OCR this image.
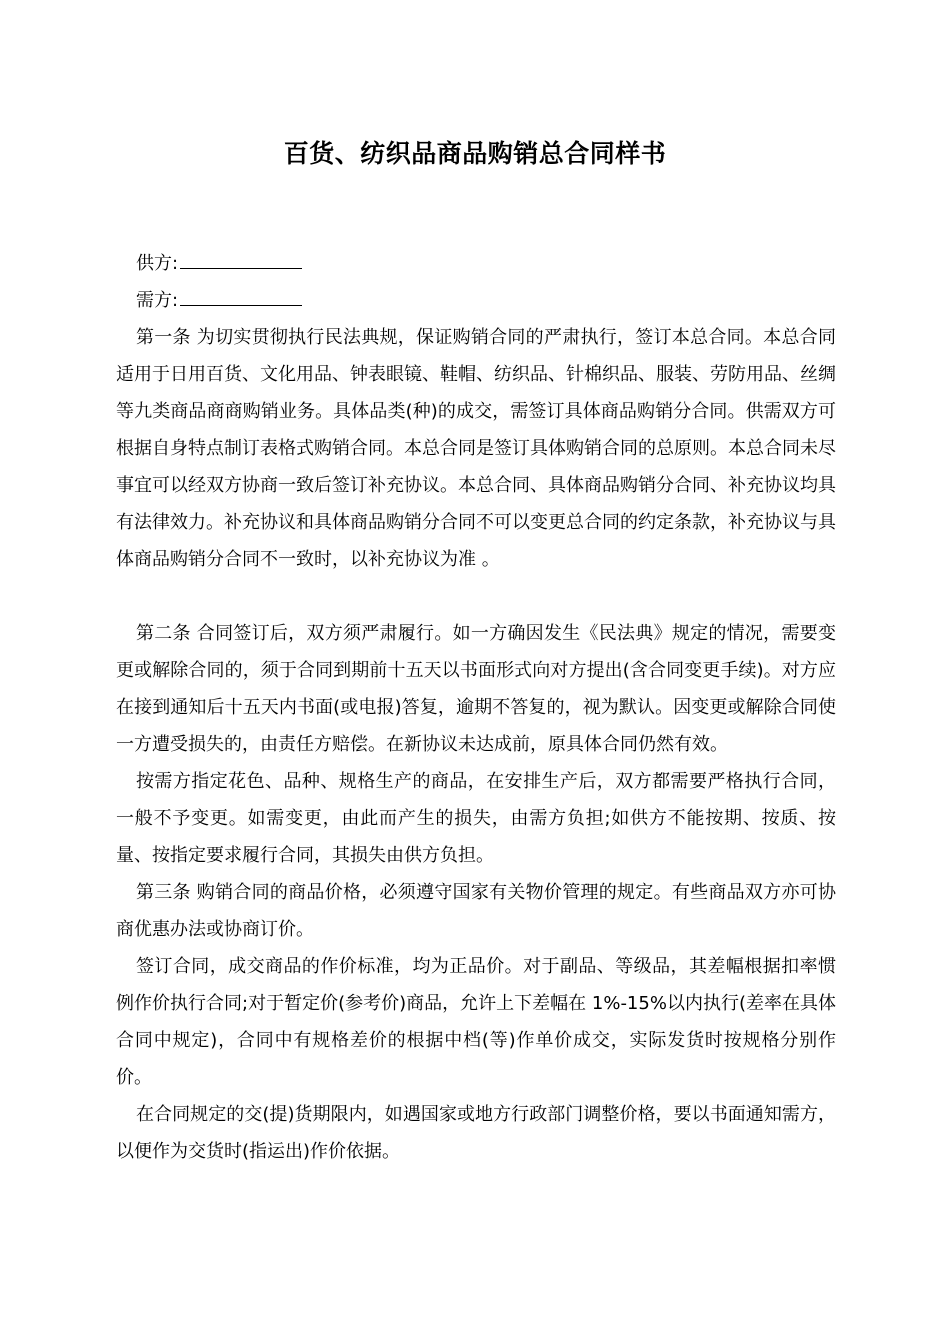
百货、纺织品商品购销总合同样书

供方:

需方:

第一条 为切实贯彻执行民法典规，保证购销合同的严肃执行，签订本总合同。本总合同适用于日用百货、文化用品、钟表眼镜、鞋帽、纺织品、针棉织品、服装、劳防用品、丝绸等九类商品商商购销业务。具体品类(种)的成交，需签订具体商品购销分合同。供需双方可根据自身特点制订表格式购销合同。本总合同是签订具体购销合同的总原则。本总合同未尽事宜可以经双方协商一致后签订补充协议。本总合同、具体商品购销分合同、补充协议均具有法律效力。补充协议和具体商品购销分合同不可以变更总合同的约定条款，补充协议与具体商品购销分合同不一致时，以补充协议为准 。

第二条 合同签订后，双方须严肃履行。如一方确因发生《民法典》规定的情况，需要变更或解除合同的，须于合同到期前十五天以书面形式向对方提出(含合同变更手续)。对方应在接到通知后十五天内书面(或电报)答复，逾期不答复的，视为默认。因变更或解除合同使一方遭受损失的，由责任方赔偿。在新协议未达成前，原具体合同仍然有效。

按需方指定花色、品种、规格生产的商品，在安排生产后，双方都需要严格执行合同，一般不予变更。如需变更，由此而产生的损失，由需方负担;如供方不能按期、按质、按量、按指定要求履行合同，其损失由供方负担。

第三条 购销合同的商品价格，必须遵守国家有关物价管理的规定。有些商品双方亦可协商优惠办法或协商订价。

签订合同，成交商品的作价标准，均为正品价。对于副品、等级品，其差幅根据扣率惯例作价执行合同;对于暂定价(参考价)商品，允许上下差幅在 1%-15%以内执行(差率在具体合同中规定)，合同中有规格差价的根据中档(等)作单价成交，实际发货时按规格分别作价。

在合同规定的交(提)货期限内，如遇国家或地方行政部门调整价格，要以书面通知需方，以便作为交货时(指运出)作价依据。
